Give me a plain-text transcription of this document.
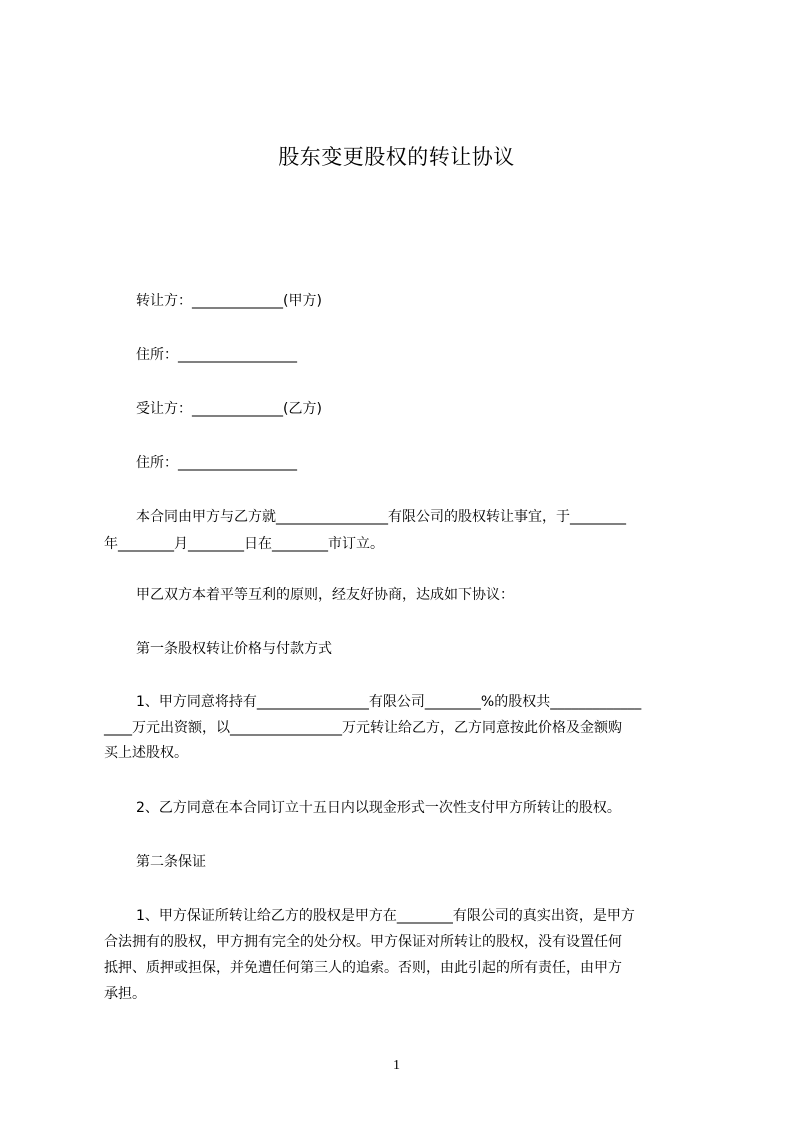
股东变更股权的转让协议
转让方：_____________(甲方)
住所：_________________
受让方：_____________(乙方)
住所：_________________
本合同由甲方与乙方就________________有限公司的股权转让事宜，于________
年________月________日在________市订立。
甲乙双方本着平等互利的原则，经友好协商，达成如下协议：
第一条股权转让价格与付款方式
1、甲方同意将持有________________有限公司________%的股权共_____________
____万元出资额，以________________万元转让给乙方，乙方同意按此价格及金额购
买上述股权。
2、乙方同意在本合同订立十五日内以现金形式一次性支付甲方所转让的股权。
第二条保证
1、甲方保证所转让给乙方的股权是甲方在________有限公司的真实出资，是甲方
合法拥有的股权，甲方拥有完全的处分权。甲方保证对所转让的股权，没有设置任何
抵押、质押或担保，并免遭任何第三人的追索。否则，由此引起的所有责任，由甲方
承担。
1
